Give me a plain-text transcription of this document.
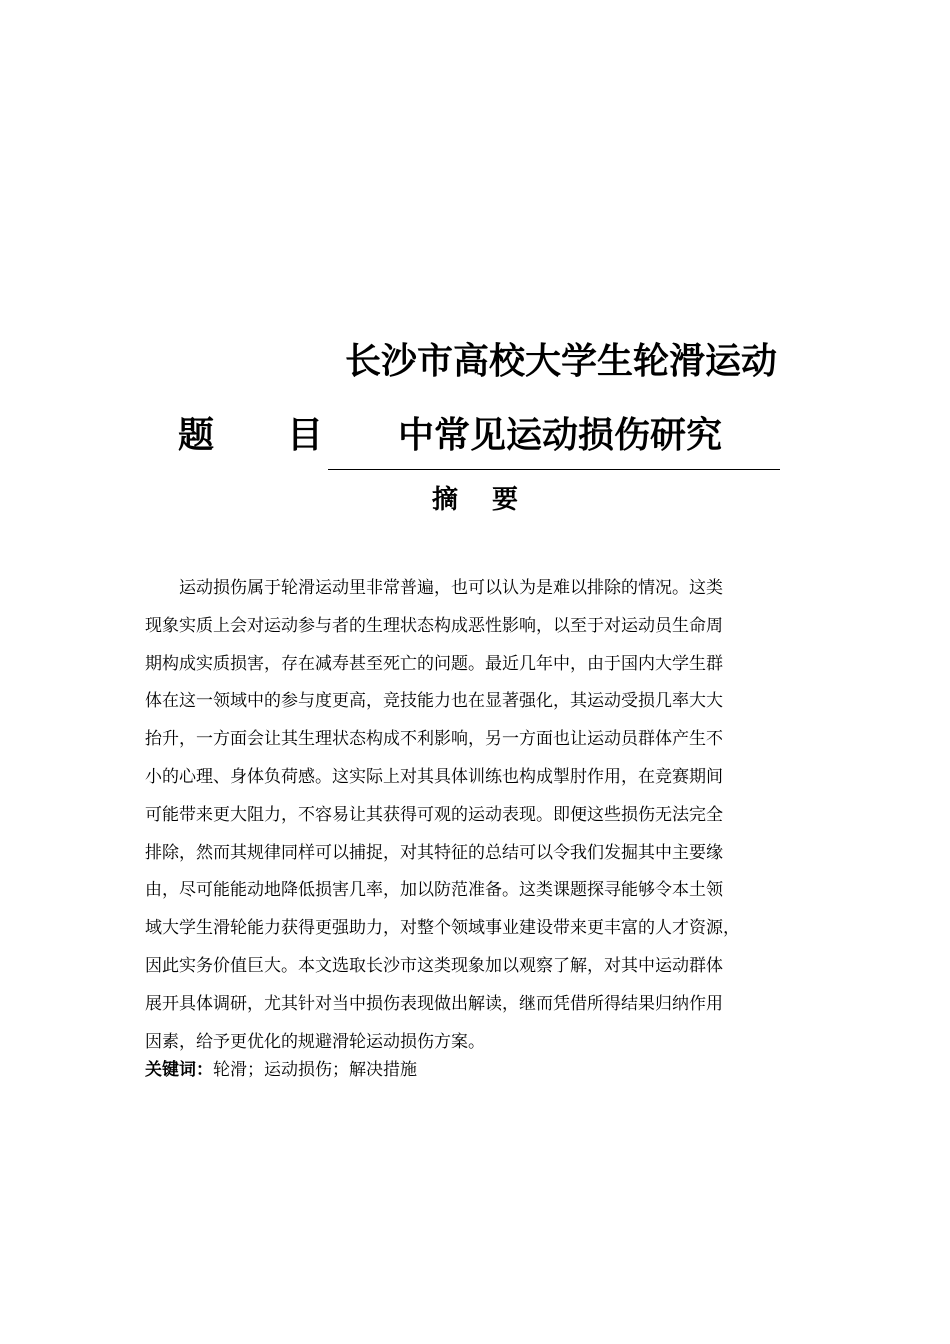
长沙市高校大学生轮滑运动
题 目 中常见运动损伤研究
摘要
　　运动损伤属于轮滑运动里非常普遍，也可以认为是难以排除的情况。这类
现象实质上会对运动参与者的生理状态构成恶性影响，以至于对运动员生命周
期构成实质损害，存在减寿甚至死亡的问题。最近几年中，由于国内大学生群
体在这一领域中的参与度更高，竞技能力也在显著强化，其运动受损几率大大
抬升，一方面会让其生理状态构成不利影响，另一方面也让运动员群体产生不
小的心理、身体负荷感。这实际上对其具体训练也构成掣肘作用，在竞赛期间
可能带来更大阻力，不容易让其获得可观的运动表现。即便这些损伤无法完全
排除，然而其规律同样可以捕捉，对其特征的总结可以令我们发掘其中主要缘
由，尽可能能动地降低损害几率，加以防范准备。这类课题探寻能够令本土领
域大学生滑轮能力获得更强助力，对整个领域事业建设带来更丰富的人才资源，
因此实务价值巨大。本文选取长沙市这类现象加以观察了解，对其中运动群体
展开具体调研，尤其针对当中损伤表现做出解读，继而凭借所得结果归纳作用
因素，给予更优化的规避滑轮运动损伤方案。
关键词：轮滑；运动损伤；解决措施
